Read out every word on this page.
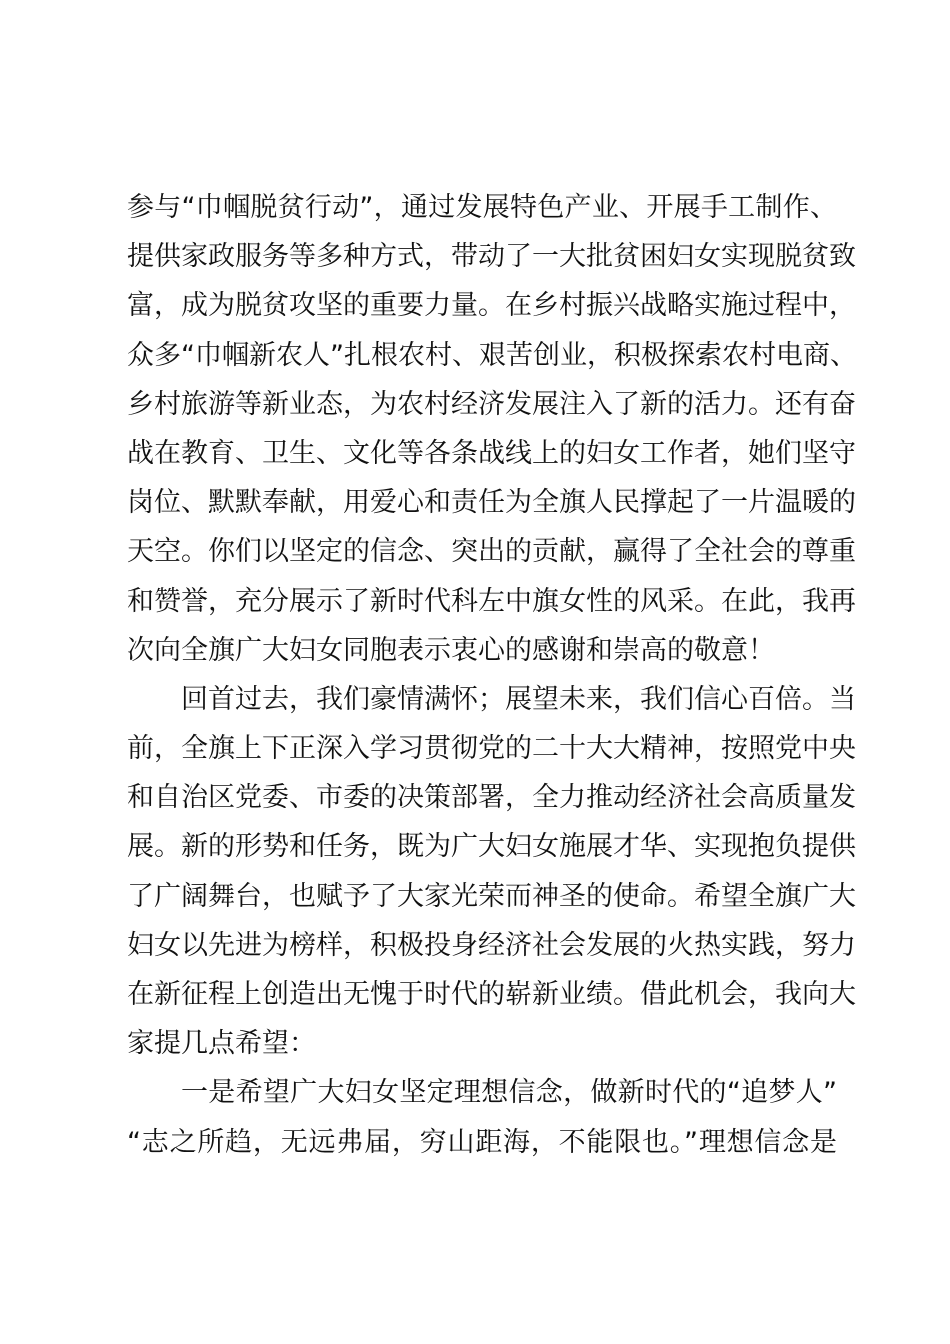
参与“巾帼脱贫行动”，通过发展特色产业、开展手工制作、
提供家政服务等多种方式，带动了一大批贫困妇女实现脱贫致
富，成为脱贫攻坚的重要力量。在乡村振兴战略实施过程中，
众多“巾帼新农人”扎根农村、艰苦创业，积极探索农村电商、
乡村旅游等新业态，为农村经济发展注入了新的活力。还有奋
战在教育、卫生、文化等各条战线上的妇女工作者，她们坚守
岗位、默默奉献，用爱心和责任为全旗人民撑起了一片温暖的
天空。你们以坚定的信念、突出的贡献，赢得了全社会的尊重
和赞誉，充分展示了新时代科左中旗女性的风采。在此，我再
次向全旗广大妇女同胞表示衷心的感谢和崇高的敬意！
回首过去，我们豪情满怀；展望未来，我们信心百倍。当
前，全旗上下正深入学习贯彻党的二十大大精神，按照党中央
和自治区党委、市委的决策部署，全力推动经济社会高质量发
展。新的形势和任务，既为广大妇女施展才华、实现抱负提供
了广阔舞台，也赋予了大家光荣而神圣的使命。希望全旗广大
妇女以先进为榜样，积极投身经济社会发展的火热实践，努力
在新征程上创造出无愧于时代的崭新业绩。借此机会，我向大
家提几点希望：
一是希望广大妇女坚定理想信念，做新时代的“追梦人”
“志之所趋，无远弗届，穷山距海，不能限也。”理想信念是
